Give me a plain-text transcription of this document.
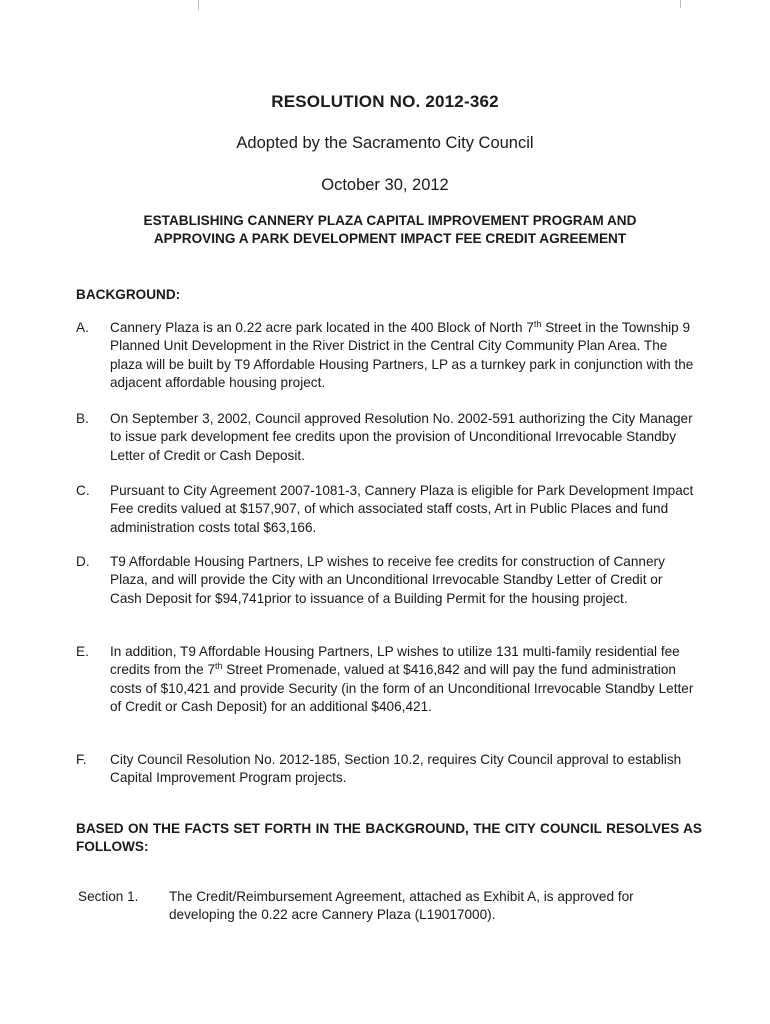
RESOLUTION NO. 2012-362
Adopted by the Sacramento City Council
October 30, 2012
ESTABLISHING CANNERY PLAZA CAPITAL IMPROVEMENT PROGRAM AND
APPROVING A PARK DEVELOPMENT IMPACT FEE CREDIT AGREEMENT
BACKGROUND:
A. Cannery Plaza is an 0.22 acre park located in the 400 Block of North 7th Street in the Township 9 Planned Unit Development in the River District in the Central City Community Plan Area. The plaza will be built by T9 Affordable Housing Partners, LP as a turnkey park in conjunction with the adjacent affordable housing project.
B. On September 3, 2002, Council approved Resolution No. 2002-591 authorizing the City Manager to issue park development fee credits upon the provision of Unconditional Irrevocable Standby Letter of Credit or Cash Deposit.
C. Pursuant to City Agreement 2007-1081-3, Cannery Plaza is eligible for Park Development Impact Fee credits valued at $157,907, of which associated staff costs, Art in Public Places and fund administration costs total $63,166.
D. T9 Affordable Housing Partners, LP wishes to receive fee credits for construction of Cannery Plaza, and will provide the City with an Unconditional Irrevocable Standby Letter of Credit or Cash Deposit for $94,741prior to issuance of a Building Permit for the housing project.
E. In addition, T9 Affordable Housing Partners, LP wishes to utilize 131 multi-family residential fee credits from the 7th Street Promenade, valued at $416,842 and will pay the fund administration costs of $10,421 and provide Security (in the form of an Unconditional Irrevocable Standby Letter of Credit or Cash Deposit) for an additional $406,421.
F. City Council Resolution No. 2012-185, Section 10.2, requires City Council approval to establish Capital Improvement Program projects.
BASED ON THE FACTS SET FORTH IN THE BACKGROUND, THE CITY COUNCIL RESOLVES AS FOLLOWS:
Section 1. The Credit/Reimbursement Agreement, attached as Exhibit A, is approved for developing the 0.22 acre Cannery Plaza (L19017000).
